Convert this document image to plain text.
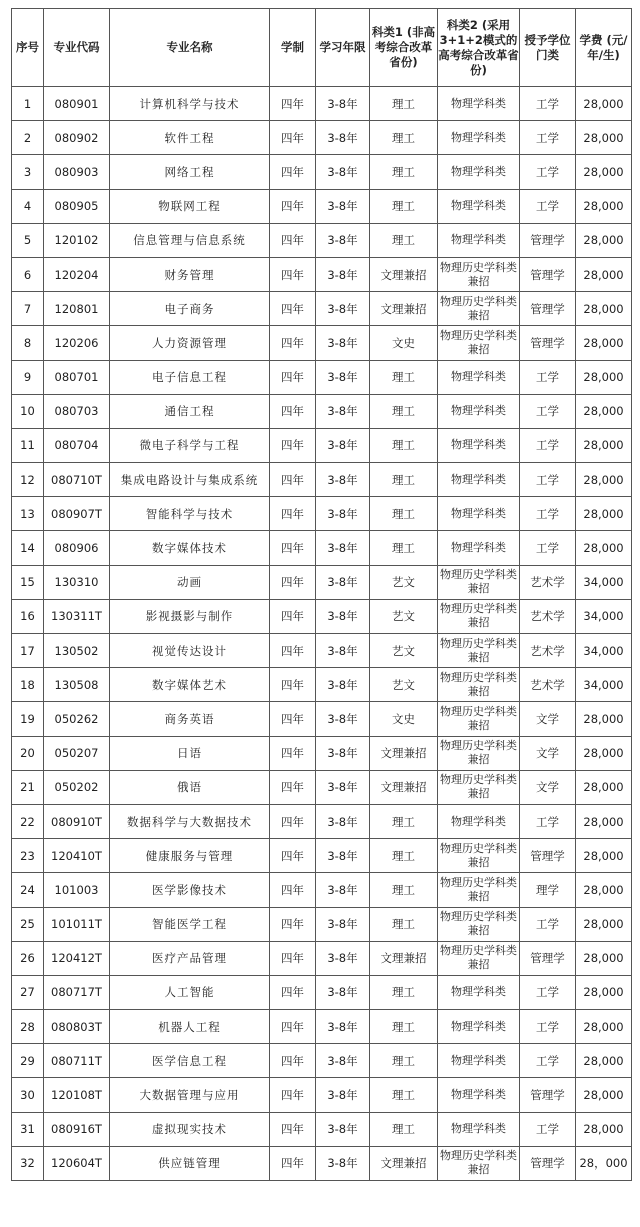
序号	专业代码	专业名称	学制	学习年限	科类1 (非高考综合改革省份)	科类2 (采用3+1+2模式的高考综合改革省份)	授予学位门类	学费 (元/年/生)
1	080901	计算机科学与技术	四年	3-8年	理工	物理学科类	工学	28,000
2	080902	软件工程	四年	3-8年	理工	物理学科类	工学	28,000
3	080903	网络工程	四年	3-8年	理工	物理学科类	工学	28,000
4	080905	物联网工程	四年	3-8年	理工	物理学科类	工学	28,000
5	120102	信息管理与信息系统	四年	3-8年	理工	物理学科类	管理学	28,000
6	120204	财务管理	四年	3-8年	文理兼招	物理历史学科类兼招	管理学	28,000
7	120801	电子商务	四年	3-8年	文理兼招	物理历史学科类兼招	管理学	28,000
8	120206	人力资源管理	四年	3-8年	文史	物理历史学科类兼招	管理学	28,000
9	080701	电子信息工程	四年	3-8年	理工	物理学科类	工学	28,000
10	080703	通信工程	四年	3-8年	理工	物理学科类	工学	28,000
11	080704	微电子科学与工程	四年	3-8年	理工	物理学科类	工学	28,000
12	080710T	集成电路设计与集成系统	四年	3-8年	理工	物理学科类	工学	28,000
13	080907T	智能科学与技术	四年	3-8年	理工	物理学科类	工学	28,000
14	080906	数字媒体技术	四年	3-8年	理工	物理学科类	工学	28,000
15	130310	动画	四年	3-8年	艺文	物理历史学科类兼招	艺术学	34,000
16	130311T	影视摄影与制作	四年	3-8年	艺文	物理历史学科类兼招	艺术学	34,000
17	130502	视觉传达设计	四年	3-8年	艺文	物理历史学科类兼招	艺术学	34,000
18	130508	数字媒体艺术	四年	3-8年	艺文	物理历史学科类兼招	艺术学	34,000
19	050262	商务英语	四年	3-8年	文史	物理历史学科类兼招	文学	28,000
20	050207	日语	四年	3-8年	文理兼招	物理历史学科类兼招	文学	28,000
21	050202	俄语	四年	3-8年	文理兼招	物理历史学科类兼招	文学	28,000
22	080910T	数据科学与大数据技术	四年	3-8年	理工	物理学科类	工学	28,000
23	120410T	健康服务与管理	四年	3-8年	理工	物理历史学科类兼招	管理学	28,000
24	101003	医学影像技术	四年	3-8年	理工	物理历史学科类兼招	理学	28,000
25	101011T	智能医学工程	四年	3-8年	理工	物理历史学科类兼招	工学	28,000
26	120412T	医疗产品管理	四年	3-8年	文理兼招	物理历史学科类兼招	管理学	28,000
27	080717T	人工智能	四年	3-8年	理工	物理学科类	工学	28,000
28	080803T	机器人工程	四年	3-8年	理工	物理学科类	工学	28,000
29	080711T	医学信息工程	四年	3-8年	理工	物理学科类	工学	28,000
30	120108T	大数据管理与应用	四年	3-8年	理工	物理学科类	管理学	28,000
31	080916T	虚拟现实技术	四年	3-8年	理工	物理学科类	工学	28,000
32	120604T	供应链管理	四年	3-8年	文理兼招	物理历史学科类兼招	管理学	28，000
